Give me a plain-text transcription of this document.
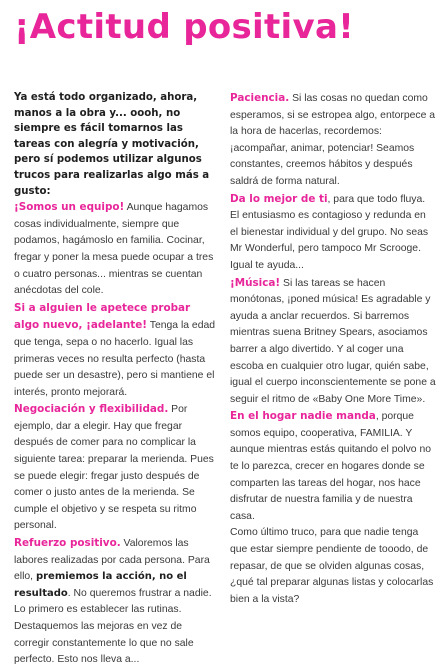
¡Actitud positiva!

Ya está todo organizado, ahora, manos a la obra y... oooh, no siempre es fácil tomarnos las tareas con alegría y motivación, pero sí podemos utilizar algunos trucos para realizarlas algo más a gusto:

¡Somos un equipo! Aunque hagamos cosas individualmente, siempre que podamos, hagámoslo en familia. Cocinar, fregar y poner la mesa puede ocupar a tres o cuatro personas... mientras se cuentan anécdotas del cole.

Si a alguien le apetece probar algo nuevo, ¡adelante! Tenga la edad que tenga, sepa o no hacerlo. Igual las primeras veces no resulta perfecto (hasta puede ser un desastre), pero si mantiene el interés, pronto mejorará.

Negociación y flexibilidad. Por ejemplo, dar a elegir. Hay que fregar después de comer para no complicar la siguiente tarea: preparar la merienda. Pues se puede elegir: fregar justo después de comer o justo antes de la merienda. Se cumple el objetivo y se respeta su ritmo personal.

Refuerzo positivo. Valoremos las labores realizadas por cada persona. Para ello, premiemos la acción, no el resultado. No queremos frustrar a nadie. Lo primero es establecer las rutinas. Destaquemos las mejoras en vez de corregir constantemente lo que no sale perfecto. Esto nos lleva a...

Paciencia. Si las cosas no quedan como esperamos, si se estropea algo, entorpece a la hora de hacerlas, recordemos: ¡acompañar, animar, potenciar! Seamos constantes, creemos hábitos y después saldrá de forma natural.

Da lo mejor de ti, para que todo fluya. El entusiasmo es contagioso y redunda en el bienestar individual y del grupo. No seas Mr Wonderful, pero tampoco Mr Scrooge. Igual te ayuda...

¡Música! Si las tareas se hacen monótonas, ¡poned música! Es agradable y ayuda a anclar recuerdos. Si barremos mientras suena Britney Spears, asociamos barrer a algo divertido. Y al coger una escoba en cualquier otro lugar, quién sabe, igual el cuerpo inconscientemente se pone a seguir el ritmo de «Baby One More Time».

En el hogar nadie manda, porque somos equipo, cooperativa, FAMILIA. Y aunque mientras estás quitando el polvo no te lo parezca, crecer en hogares donde se comparten las tareas del hogar, nos hace disfrutar de nuestra familia y de nuestra casa.

Como último truco, para que nadie tenga que estar siempre pendiente de tooodo, de repasar, de que se olviden algunas cosas, ¿qué tal preparar algunas listas y colocarlas bien a la vista?
